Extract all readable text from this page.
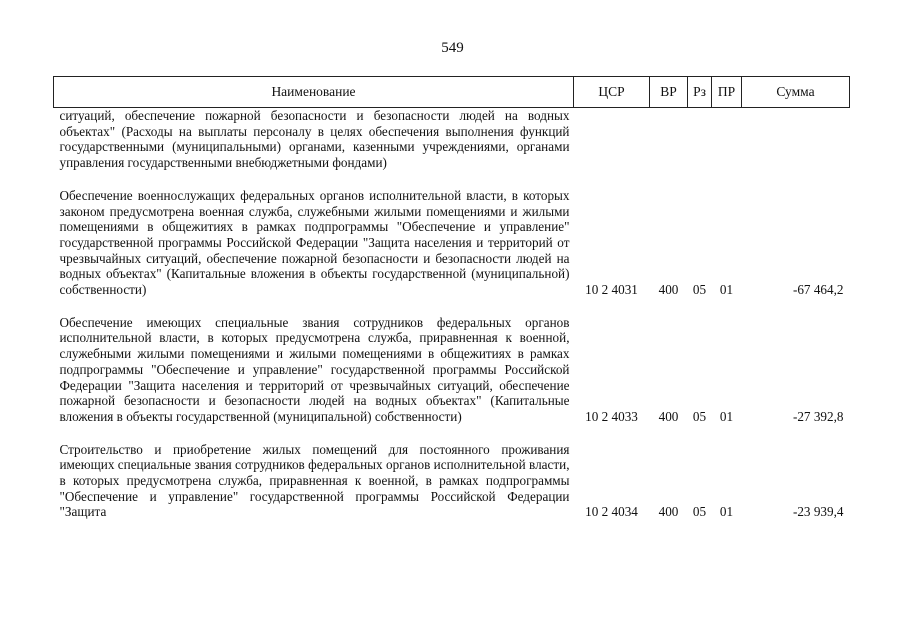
549
Наименование	ЦСР	ВР	Рз	ПР	Сумма
ситуаций, обеспечение пожарной безопасности и безопасности людей на водных объектах" (Расходы на выплаты персоналу в целях обеспечения выполнения функций государственными (муниципальными) органами, казенными учреждениями, органами управления государственными внебюджетными фондами)					

Обеспечение военнослужащих федеральных органов исполнительной власти, в которых законом предусмотрена военная служба, служебными жилыми помещениями и жилыми помещениями в общежитиях в рамках подпрограммы "Обеспечение и управление" государственной программы Российской Федерации "Защита населения и территорий от чрезвычайных ситуаций, обеспечение пожарной безопасности и безопасности людей на водных объектах" (Капитальные вложения в объекты государственной (муниципальной) собственности)	10 2 4031	400	05	01	-67 464,2

Обеспечение имеющих специальные звания сотрудников федеральных органов исполнительной власти, в которых предусмотрена служба, приравненная к военной, служебными жилыми помещениями и жилыми помещениями в общежитиях в рамках подпрограммы "Обеспечение и управление" государственной программы Российской Федерации "Защита населения и территорий от чрезвычайных ситуаций, обеспечение пожарной безопасности и безопасности людей на водных объектах" (Капитальные вложения в объекты государственной (муниципальной) собственности)	10 2 4033	400	05	01	-27 392,8

Строительство и приобретение жилых помещений для постоянного проживания имеющих специальные звания сотрудников федеральных органов исполнительной власти, в которых предусмотрена служба, приравненная к военной, в рамках подпрограммы "Обеспечение и управление" государственной программы Российской Федерации "Защита	10 2 4034	400	05	01	-23 939,4
